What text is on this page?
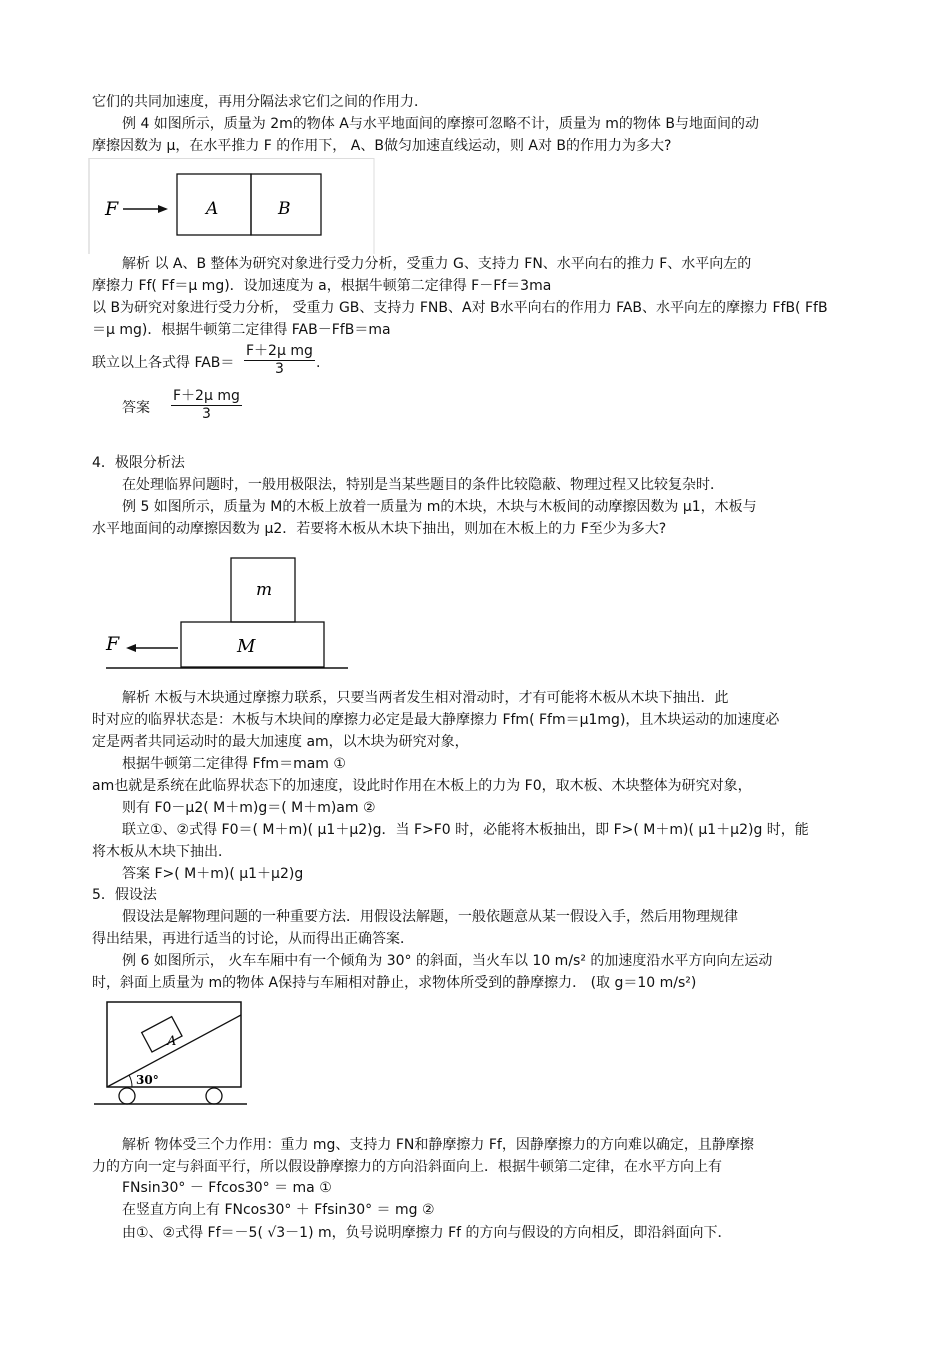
它们的共同加速度，再用分隔法求它们之间的作用力．
例 4 如图所示，质量为 2m的物体 A与水平地面间的摩擦可忽略不计，质量为 m的物体 B与地面间的动
摩擦因数为 μ，在水平推力 F 的作用下， A、B做匀加速直线运动，则 A对 B的作用力为多大?
F	A	B
解析 以 A、B 整体为研究对象进行受力分析，受重力 G、支持力 FN、水平向右的推力 F、水平向左的
摩擦力 Ff( Ff＝μ mg)．设加速度为 a，根据牛顿第二定律得 F－Ff＝3ma
以 B为研究对象进行受力分析， 受重力 GB、支持力 FNB、A对 B水平向右的作用力 FAB、水平向左的摩擦力 FfB( FfB
＝μ mg)．根据牛顿第二定律得 FAB－FfB＝ma
联立以上各式得 $FAB= \frac{\text{F＋2μ mg}}{3}$ .
答案 $\frac{\text{F＋2μ mg}}{3}$
4．极限分析法
在处理临界问题时，一般用极限法，特别是当某些题目的条件比较隐蔽、物理过程又比较复杂时．
例 5 如图所示，质量为 M的木板上放着一质量为 m的木块，木块与木板间的动摩擦因数为 μ1，木板与
水平地面间的动摩擦因数为 μ2．若要将木板从木块下抽出，则加在木板上的力 F至少为多大?
F
m
M
解析 木板与木块通过摩擦力联系，只要当两者发生相对滑动时，才有可能将木板从木块下抽出．此
时对应的临界状态是：木板与木块间的摩擦力必定是最大静摩擦力 Ffm( Ffm＝μ1mg)，且木块运动的加速度必
定是两者共同运动时的最大加速度 am，以木块为研究对象，
根据牛顿第二定律得 Ffm＝mam ①
am也就是系统在此临界状态下的加速度，设此时作用在木板上的力为 F0，取木板、木块整体为研究对象，
则有 F0－μ2( M＋m)g＝( M＋m)am ②
联立①、②式得 F0＝( M＋m)( μ1＋μ2)g．当 F>F0 时，必能将木板抽出，即 F>( M＋m)( μ1＋μ2)g 时，能
将木板从木块下抽出．
答案 F>( M＋m)( μ1＋μ2)g
5．假设法
假设法是解物理问题的一种重要方法．用假设法解题，一般依题意从某一假设入手，然后用物理规律
得出结果，再进行适当的讨论，从而得出正确答案．
例 6 如图所示， 火车车厢中有一个倾角为 30° 的斜面，当火车以 10 m/s² 的加速度沿水平方向向左运动
时，斜面上质量为 m的物体 A保持与车厢相对静止，求物体所受到的静摩擦力． (取 g＝10 m/s²)
A
30°
解析 物体受三个力作用：重力 mg、支持力 FN和静摩擦力 Ff，因静摩擦力的方向难以确定，且静摩擦
力的方向一定与斜面平行，所以假设静摩擦力的方向沿斜面向上．根据牛顿第二定律，在水平方向上有
FNsin30° － Ffcos30° ＝ ma ①
在竖直方向上有 FNcos30° ＋ Ffsin30° ＝ mg ②
由①、②式得 Ff＝－5( √3－1) m，负号说明摩擦力 Ff 的方向与假设的方向相反，即沿斜面向下．
